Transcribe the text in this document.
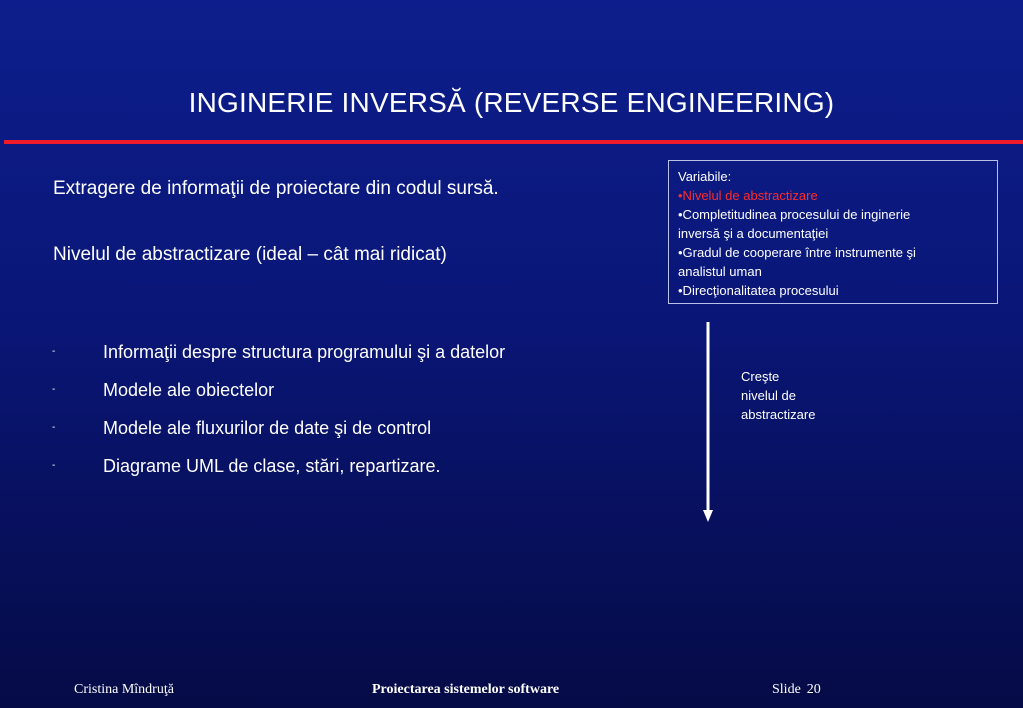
INGINERIE INVERSĂ (REVERSE ENGINEERING)
Extragere de informaţii de proiectare din codul sursă.
Nivelul de abstractizare (ideal – cât mai ridicat)
-	Informaţii despre structura programului şi a datelor
-	Modele ale obiectelor
-	Modele ale fluxurilor de date şi de control
-	Diagrame UML de clase, stări, repartizare.
Variabile:
•Nivelul de abstractizare
•Completitudinea procesului de inginerie
inversă şi a documentaţiei
•Gradul de cooperare între instrumente şi
analistul uman
•Direcţionalitatea procesului
Creşte
nivelul de
abstractizare
Cristina Mîndruţă	Proiectarea sistemelor software	Slide 20
